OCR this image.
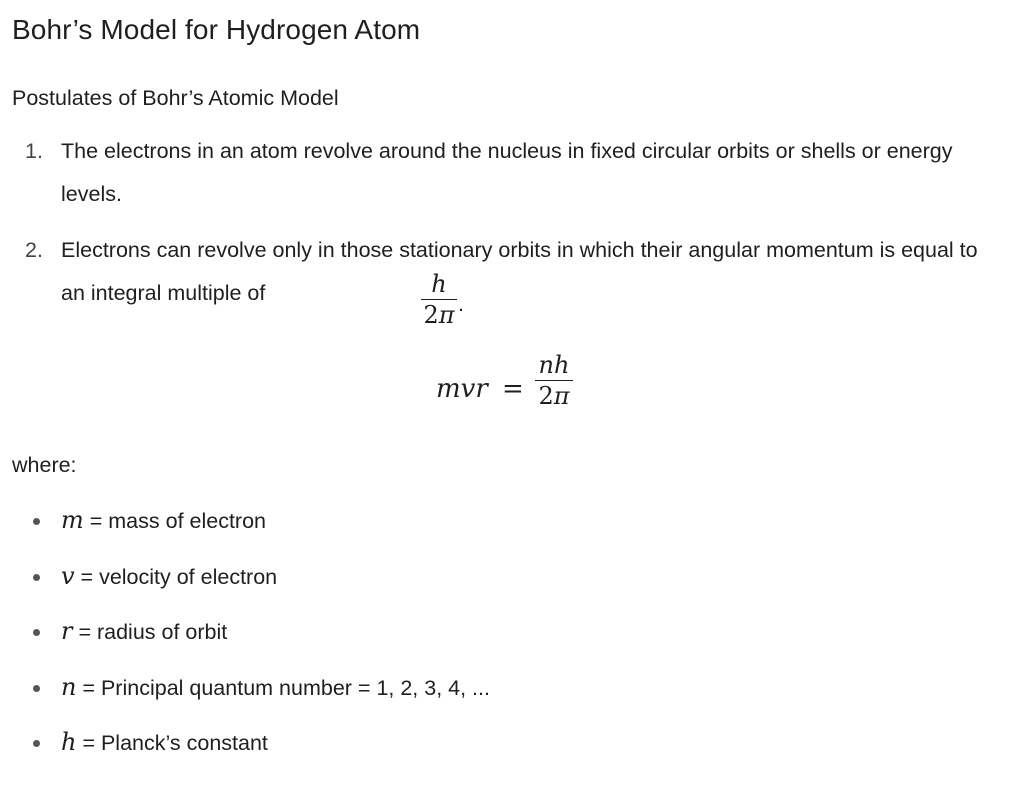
Bohr’s Model for Hydrogen Atom
Postulates of Bohr’s Atomic Model
1. The electrons in an atom revolve around the nucleus in fixed circular orbits or shells or energy levels.
2. Electrons can revolve only in those stationary orbits in which their angular momentum is equal to an integral multiple of	h
2π .
mvr =
nh
2π
where:
m = mass of electron
v = velocity of electron
r = radius of orbit
n = Principal quantum number = 1, 2, 3, 4, ...
h = Planck’s constant
